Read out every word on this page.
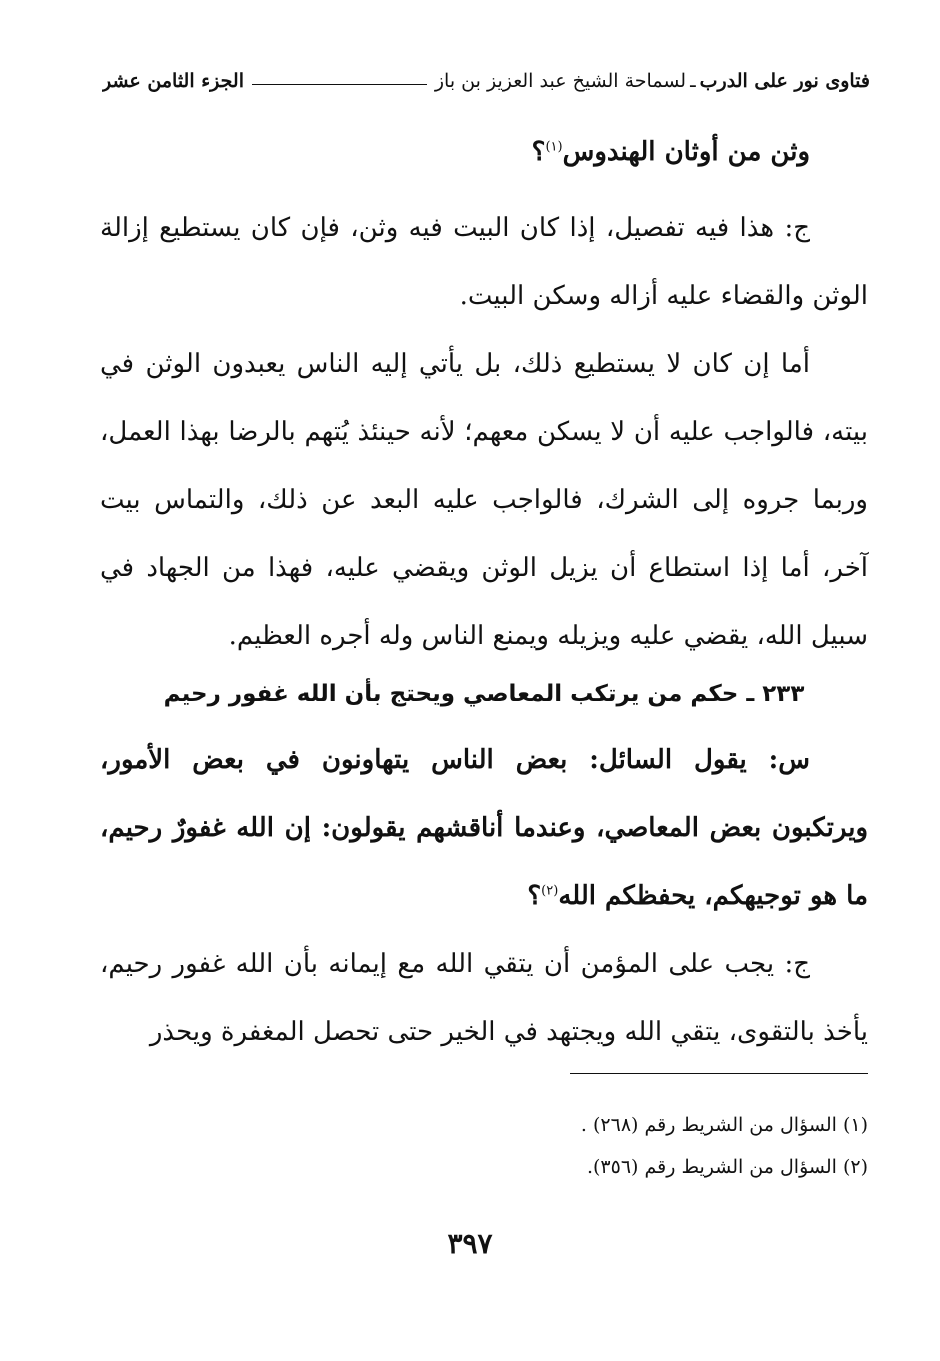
فتاوى نور على الدرب
ـ
لسماحة الشيخ عبد العزيز بن باز
الجزء الثامن عشر

وثن من أوثان الهندوس$^{(١)}$؟

ج: هذا فيه تفصيل، إذا كان البيت فيه وثن، فإن كان يستطيع إزالة الوثن والقضاء عليه أزاله وسكن البيت.

أما إن كان لا يستطيع ذلك، بل يأتي إليه الناس يعبدون الوثن في بيته، فالواجب عليه أن لا يسكن معهم؛ لأنه حينئذ يُتهم بالرضا بهذا العمل، وربما جروه إلى الشرك، فالواجب عليه البعد عن ذلك، والتماس بيت آخر، أما إذا استطاع أن يزيل الوثن ويقضي عليه، فهذا من الجهاد في سبيل الله، يقضي عليه ويزيله ويمنع الناس وله أجره العظيم.

٢٣٣ ـ حكم من يرتكب المعاصي ويحتج بأن الله غفور رحيم

س: يقول السائل: بعض الناس يتهاونون في بعض الأمور، ويرتكبون بعض المعاصي، وعندما أناقشهم يقولون: إن الله غفورٌ رحيم، ما هو توجيهكم، يحفظكم الله$^{(٢)}$؟

ج: يجب على المؤمن أن يتقي الله مع إيمانه بأن الله غفور رحيم، يأخذ بالتقوى، يتقي الله ويجتهد في الخير حتى تحصل المغفرة ويحذر

(١) السؤال من الشريط رقم (٢٦٨) .

(٢) السؤال من الشريط رقم (٣٥٦).

٣٩٧
